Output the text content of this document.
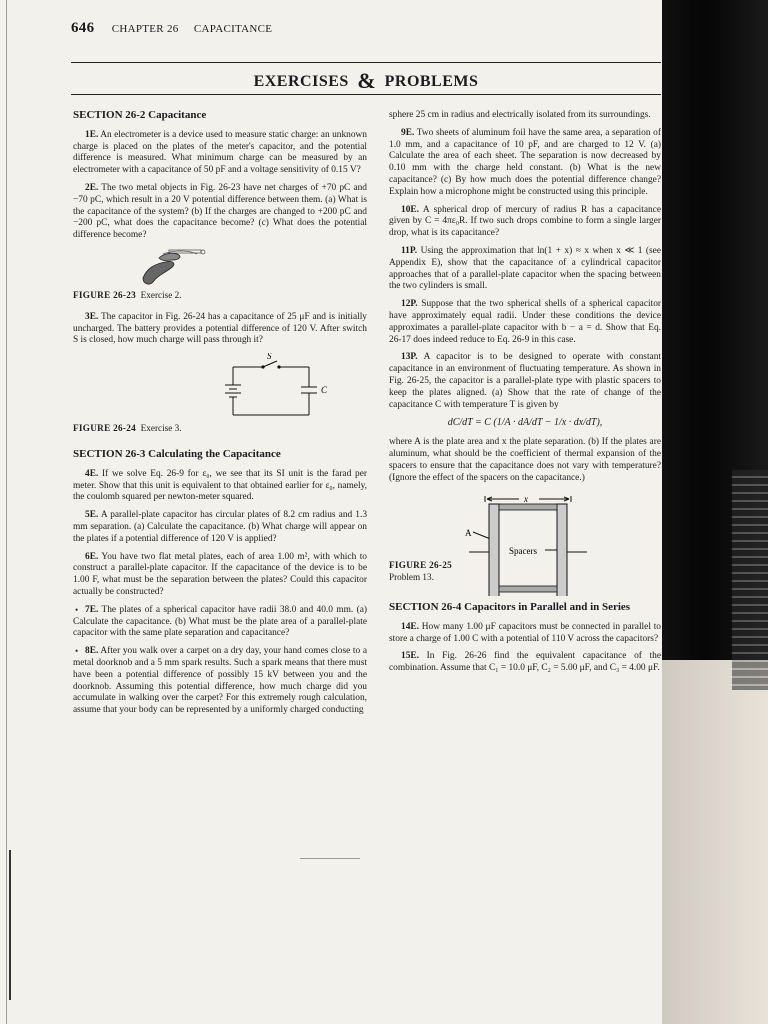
646 CHAPTER 26 CAPACITANCE
EXERCISES & PROBLEMS
SECTION 26-2 Capacitance

1E. An electrometer is a device used to measure static charge: an unknown charge is placed on the plates of the meter's capacitor, and the potential difference is measured. What minimum charge can be measured by an electrometer with a capacitance of 50 pF and a voltage sensitivity of 0.15 V?

2E. The two metal objects in Fig. 26-23 have net charges of +70 pC and −70 pC, which result in a 20 V potential difference between them. (a) What is the capacitance of the system? (b) If the charges are changed to +200 pC and −200 pC, what does the capacitance become? (c) What does the potential difference become?

FIGURE 26-23 Exercise 2.

3E. The capacitor in Fig. 26-24 has a capacitance of 25 μF and is initially uncharged. The battery provides a potential difference of 120 V. After switch S is closed, how much charge will pass through it?

S
C
FIGURE 26-24 Exercise 3.
SECTION 26-3 Calculating the Capacitance

4E. If we solve Eq. 26-9 for ε₀, we see that its SI unit is the farad per meter. Show that this unit is equivalent to that obtained earlier for ε₀, namely, the coulomb squared per newton-meter squared.

5E. A parallel-plate capacitor has circular plates of 8.2 cm radius and 1.3 mm separation. (a) Calculate the capacitance. (b) What charge will appear on the plates if a potential difference of 120 V is applied?

6E. You have two flat metal plates, each of area 1.00 m², with which to construct a parallel-plate capacitor. If the capacitance of the device is to be 1.00 F, what must be the separation between the plates? Could this capacitor actually be constructed?

• 7E. The plates of a spherical capacitor have radii 38.0 and 40.0 mm. (a) Calculate the capacitance. (b) What must be the plate area of a parallel-plate capacitor with the same plate separation and capacitance?

• 8E. After you walk over a carpet on a dry day, your hand comes close to a metal doorknob and a 5 mm spark results. Such a spark means that there must have been a potential difference of possibly 15 kV between you and the doorknob. Assuming this potential difference, how much charge did you accumulate in walking over the carpet? For this extremely rough calculation, assume that your body can be represented by a uniformly charged conducting

sphere 25 cm in radius and electrically isolated from its surroundings.

9E. Two sheets of aluminum foil have the same area, a separation of 1.0 mm, and a capacitance of 10 pF, and are charged to 12 V. (a) Calculate the area of each sheet. The separation is now decreased by 0.10 mm with the charge held constant. (b) What is the new capacitance? (c) By how much does the potential difference change? Explain how a microphone might be constructed using this principle.

10E. A spherical drop of mercury of radius R has a capacitance given by C = 4πε₀R. If two such drops combine to form a single larger drop, what is its capacitance?

11P. Using the approximation that ln(1 + x) ≈ x when x ≪ 1 (see Appendix E), show that the capacitance of a cylindrical capacitor approaches that of a parallel-plate capacitor when the spacing between the two cylinders is small.

12P. Suppose that the two spherical shells of a spherical capacitor have approximately equal radii. Under these conditions the device approximates a parallel-plate capacitor with b − a = d. Show that Eq. 26-17 does indeed reduce to Eq. 26-9 in this case.

13P. A capacitor is to be designed to operate with constant capacitance in an environment of fluctuating temperature. As shown in Fig. 26-25, the capacitor is a parallel-plate type with plastic spacers to keep the plates aligned. (a) Show that the rate of change of the capacitance C with temperature T is given by

dC/dT = C (1/A · dA/dT − 1/x · dx/dT),

where A is the plate area and x the plate separation. (b) If the plates are aluminum, what should be the coefficient of thermal expansion of the spacers to ensure that the capacitance does not vary with temperature? (Ignore the effect of the spacers on the capacitance.)

x
A
Spacers
FIGURE 26-25
Problem 13.
SECTION 26-4 Capacitors in Parallel and in Series

14E. How many 1.00 μF capacitors must be connected in parallel to store a charge of 1.00 C with a potential of 110 V across the capacitors?

15E. In Fig. 26-26 find the equivalent capacitance of the combination. Assume that C₁ = 10.0 μF, C₂ = 5.00 μF, and C₃ = 4.00 μF.
